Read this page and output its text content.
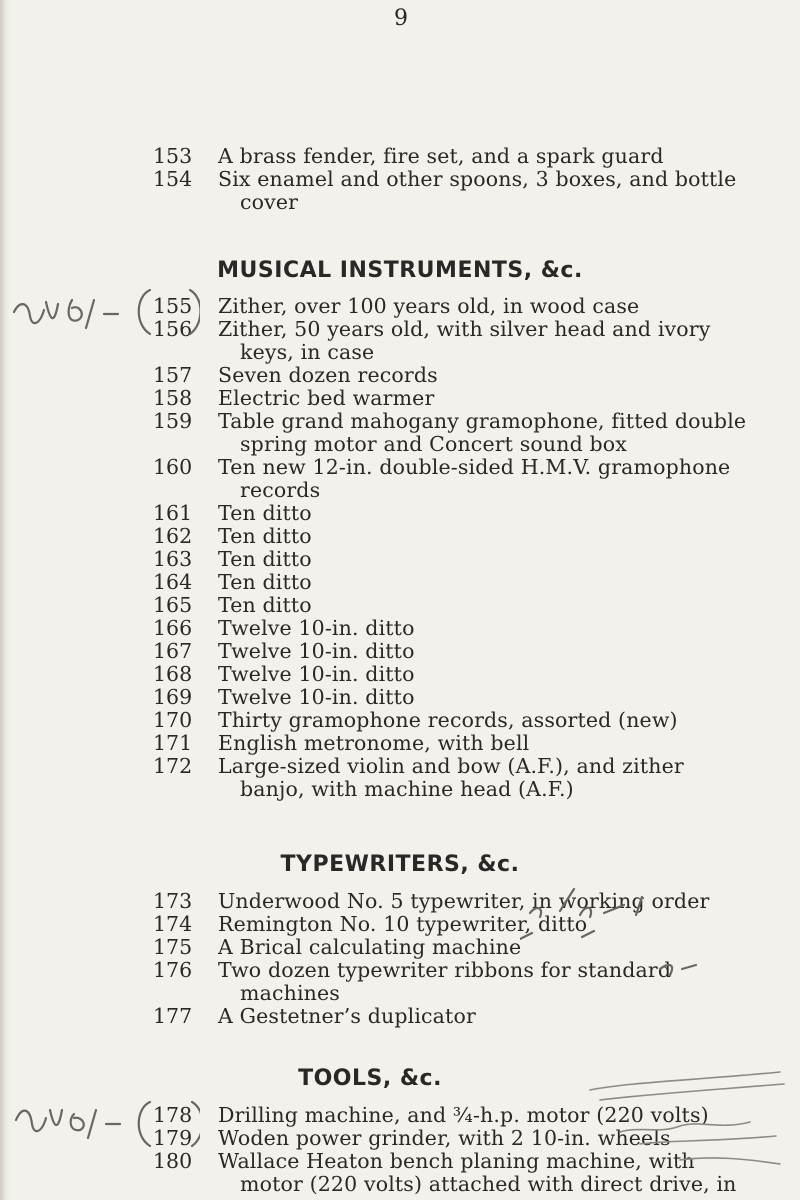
9
153	A brass fender, fire set, and a spark guard
154	Six enamel and other spoons, 3 boxes, and bottle
cover
MUSICAL INSTRUMENTS, &c.
155	Zither, over 100 years old, in wood case
156	Zither, 50 years old, with silver head and ivory
keys, in case
157	Seven dozen records
158	Electric bed warmer
159	Table grand mahogany gramophone, fitted double
spring motor and Concert sound box
160	Ten new 12-in. double-sided H.M.V. gramophone
records
161	Ten ditto
162	Ten ditto
163	Ten ditto
164	Ten ditto
165	Ten ditto
166	Twelve 10-in. ditto
167	Twelve 10-in. ditto
168	Twelve 10-in. ditto
169	Twelve 10-in. ditto
170	Thirty gramophone records, assorted (new)
171	English metronome, with bell
172	Large-sized violin and bow (A.F.), and zither
banjo, with machine head (A.F.)
TYPEWRITERS, &c.
173	Underwood No. 5 typewriter, in working order
174	Remington No. 10 typewriter, ditto
175	A Brical calculating machine
176	Two dozen typewriter ribbons for standard
machines
177	A Gestetner’s duplicator
TOOLS, &c.
178	Drilling machine, and ¾-h.p. motor (220 volts)
179	Woden power grinder, with 2 10-in. wheels
180	Wallace Heaton bench planing machine, with
motor (220 volts) attached with direct drive, in
